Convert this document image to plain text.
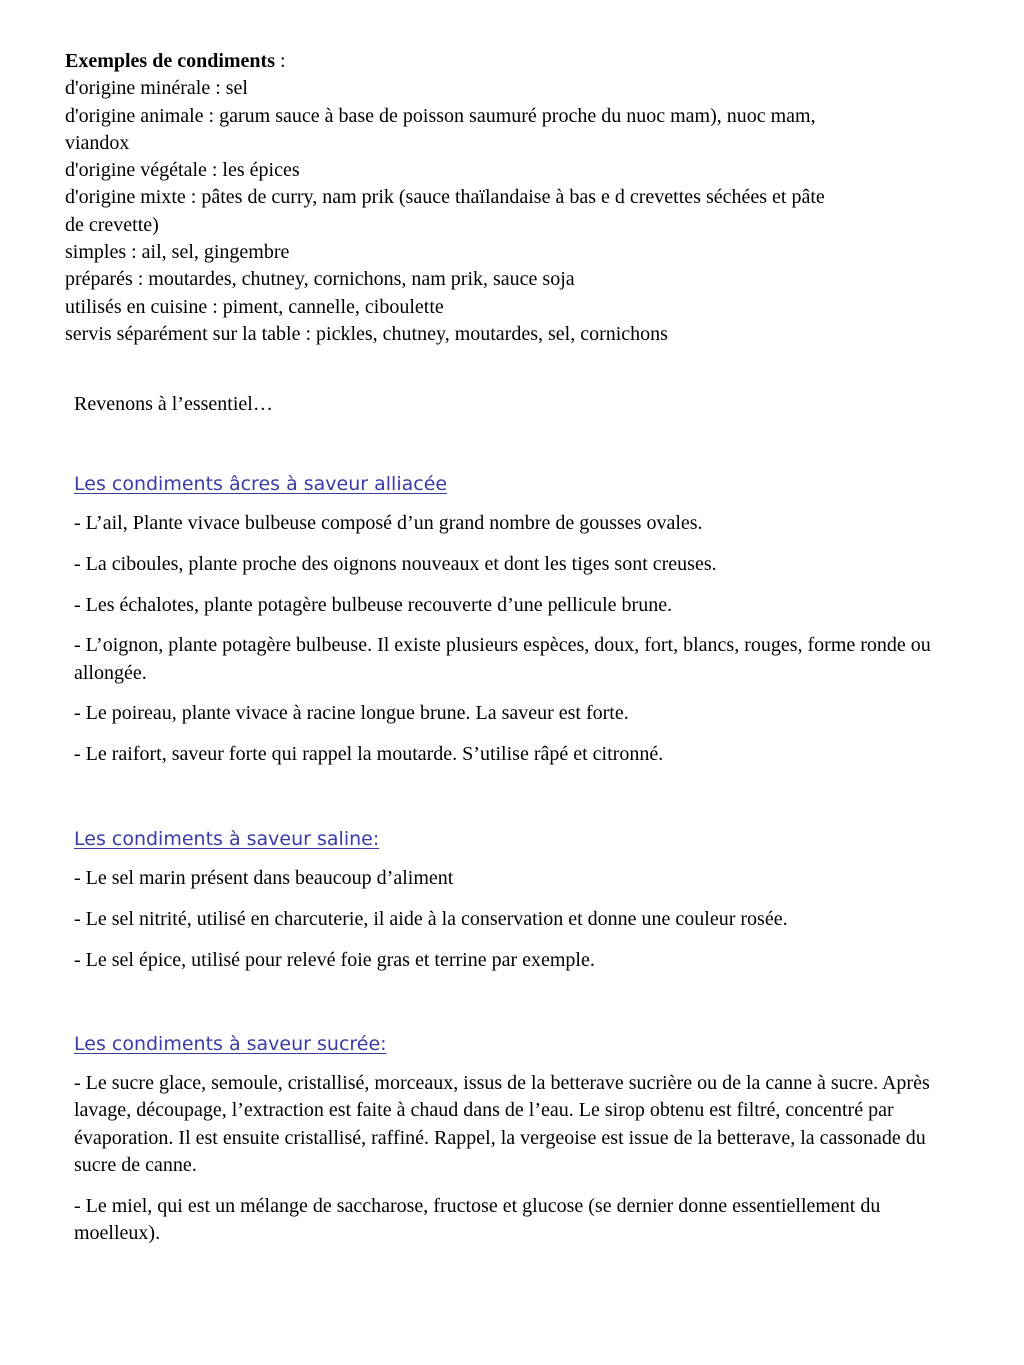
Exemples de condiments :
d'origine minérale : sel
d'origine animale : garum sauce à base de poisson saumuré proche du nuoc mam), nuoc mam,
viandox
d'origine végétale : les épices
d'origine mixte : pâtes de curry, nam prik (sauce thaïlandaise à bas e d crevettes séchées et pâte
de crevette)
simples : ail, sel, gingembre
préparés : moutardes, chutney, cornichons, nam prik, sauce soja
utilisés en cuisine : piment, cannelle, ciboulette
servis séparément sur la table : pickles, chutney, moutardes, sel, cornichons
Revenons à l’essentiel…
Les condiments âcres à saveur alliacée

- L’ail, Plante vivace bulbeuse composé d’un grand nombre de gousses ovales.

- La ciboules, plante proche des oignons nouveaux et dont les tiges sont creuses.

- Les échalotes, plante potagère bulbeuse recouverte d’une pellicule brune.

- L’oignon, plante potagère bulbeuse. Il existe plusieurs espèces, doux, fort, blancs, rouges, forme ronde ou allongée.

- Le poireau, plante vivace à racine longue brune. La saveur est forte.

- Le raifort, saveur forte qui rappel la moutarde. S’utilise râpé et citronné.

Les condiments à saveur saline:

- Le sel marin présent dans beaucoup d’aliment

- Le sel nitrité, utilisé en charcuterie, il aide à la conservation et donne une couleur rosée.

- Le sel épice, utilisé pour relevé foie gras et terrine par exemple.

Les condiments à saveur sucrée:

- Le sucre glace, semoule, cristallisé, morceaux, issus de la betterave sucrière ou de la canne à sucre. Après lavage, découpage, l’extraction est faite à chaud dans de l’eau. Le sirop obtenu est filtré, concentré par évaporation. Il est ensuite cristallisé, raffiné. Rappel, la vergeoise est issue de la betterave, la cassonade du sucre de canne.

- Le miel, qui est un mélange de saccharose, fructose et glucose (se dernier donne essentiellement du moelleux).
